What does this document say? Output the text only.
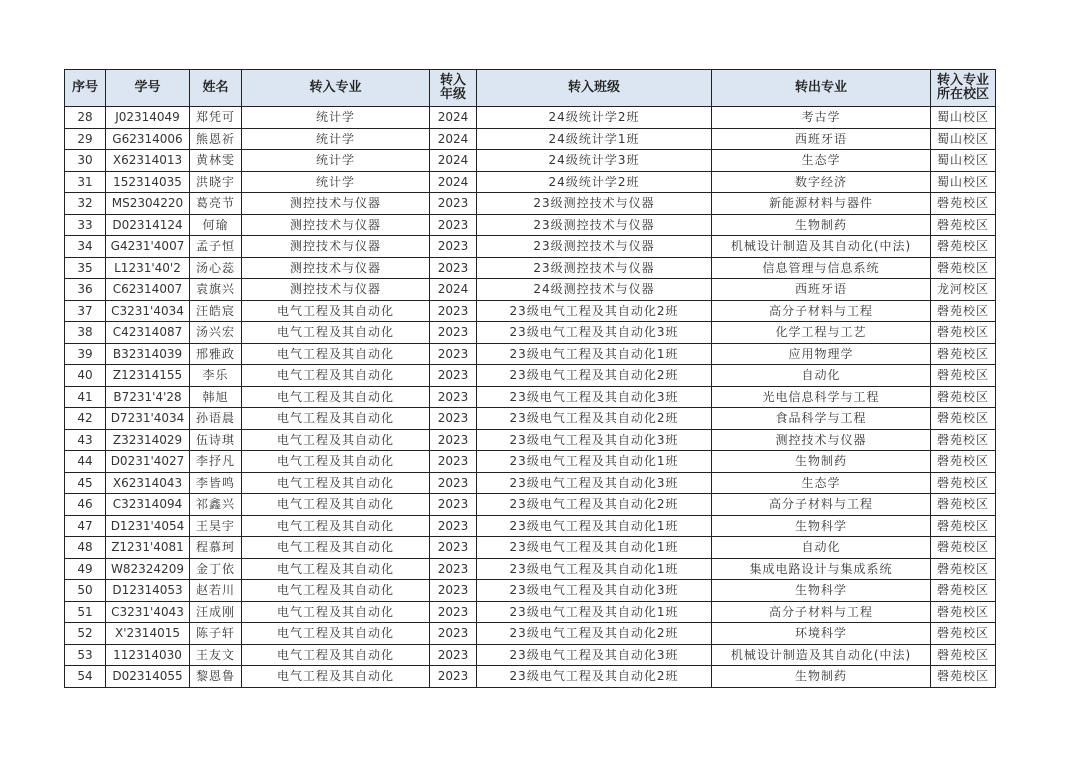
序号	学号	姓名	转入专业	转入年级	转入班级	转出专业	转入专业所在校区

28	J02314049	郑凭可	统计学	2024	24级统计学2班	考古学	蜀山校区
29	G62314006	熊恩祈	统计学	2024	24级统计学1班	西班牙语	蜀山校区
30	X62314013	黄林雯	统计学	2024	24级统计学3班	生态学	蜀山校区
31	152314035	洪晓宇	统计学	2024	24级统计学2班	数字经济	蜀山校区
32	MS2304220	葛亮节	测控技术与仪器	2023	23级测控技术与仪器	新能源材料与器件	磬苑校区
33	D02314124	何瑜	测控技术与仪器	2023	23级测控技术与仪器	生物制药	磬苑校区
34	G4231'4007	孟子恒	测控技术与仪器	2023	23级测控技术与仪器	机械设计制造及其自动化(中法)	磬苑校区
35	L1231'40'2	汤心蕊	测控技术与仪器	2023	23级测控技术与仪器	信息管理与信息系统	磬苑校区
36	C62314007	袁旗兴	测控技术与仪器	2024	24级测控技术与仪器	西班牙语	龙河校区
37	C3231'4034	汪皓宸	电气工程及其自动化	2023	23级电气工程及其自动化2班	高分子材料与工程	磬苑校区
38	C42314087	汤兴宏	电气工程及其自动化	2023	23级电气工程及其自动化3班	化学工程与工艺	磬苑校区
39	B32314039	邢雅政	电气工程及其自动化	2023	23级电气工程及其自动化1班	应用物理学	磬苑校区
40	Z12314155	李乐	电气工程及其自动化	2023	23级电气工程及其自动化2班	自动化	磬苑校区
41	B7231'4'28	韩旭	电气工程及其自动化	2023	23级电气工程及其自动化3班	光电信息科学与工程	磬苑校区
42	D7231'4034	孙语晨	电气工程及其自动化	2023	23级电气工程及其自动化2班	食品科学与工程	磬苑校区
43	Z32314029	伍诗琪	电气工程及其自动化	2023	23级电气工程及其自动化3班	测控技术与仪器	磬苑校区
44	D0231'4027	李抒凡	电气工程及其自动化	2023	23级电气工程及其自动化1班	生物制药	磬苑校区
45	X62314043	李皆鸣	电气工程及其自动化	2023	23级电气工程及其自动化3班	生态学	磬苑校区
46	C32314094	祁鑫兴	电气工程及其自动化	2023	23级电气工程及其自动化2班	高分子材料与工程	磬苑校区
47	D1231'4054	王昊宇	电气工程及其自动化	2023	23级电气工程及其自动化1班	生物科学	磬苑校区
48	Z1231'4081	程慕珂	电气工程及其自动化	2023	23级电气工程及其自动化1班	自动化	磬苑校区
49	W82324209	金丁依	电气工程及其自动化	2023	23级电气工程及其自动化1班	集成电路设计与集成系统	磬苑校区
50	D12314053	赵若川	电气工程及其自动化	2023	23级电气工程及其自动化3班	生物科学	磬苑校区
51	C3231'4043	汪成刚	电气工程及其自动化	2023	23级电气工程及其自动化1班	高分子材料与工程	磬苑校区
52	X'2314015	陈子轩	电气工程及其自动化	2023	23级电气工程及其自动化2班	环境科学	磬苑校区
53	112314030	王友文	电气工程及其自动化	2023	23级电气工程及其自动化3班	机械设计制造及其自动化(中法)	磬苑校区
54	D02314055	黎恩鲁	电气工程及其自动化	2023	23级电气工程及其自动化2班	生物制药	磬苑校区
